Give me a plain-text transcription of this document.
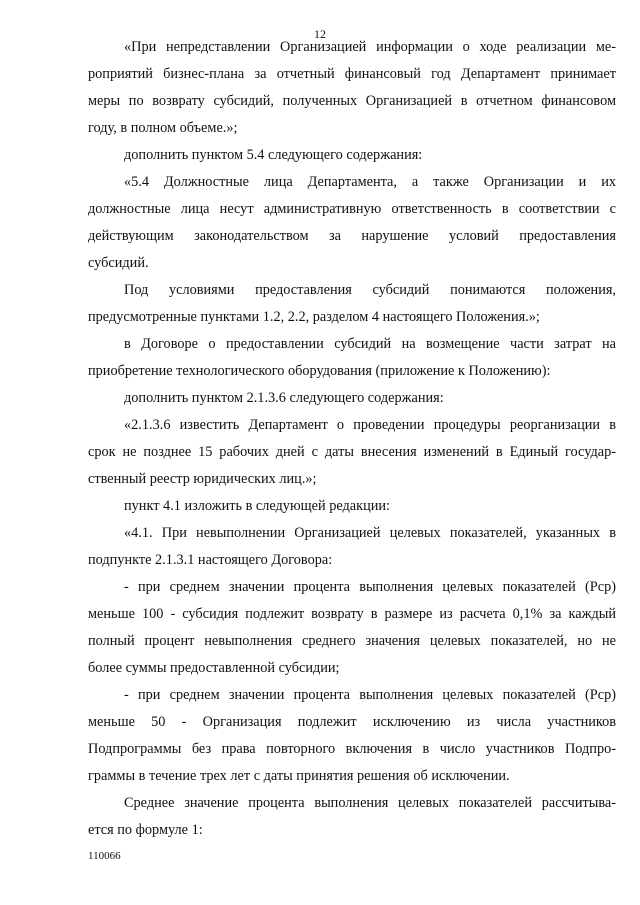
12
«При непредставлении Организацией информации о ходе реализации ме-
роприятий бизнес-плана за отчетный финансовый год Департамент принимает
меры по возврату субсидий, полученных Организацией в отчетном финансовом
году, в полном объеме.»;
дополнить пунктом 5.4 следующего содержания:
«5.4 Должностные лица Департамента, а также Организации и их
должностные лица несут административную ответственность в соответствии с
действующим законодательством за нарушение условий предоставления
субсидий.
Под условиями предоставления субсидий понимаются положения,
предусмотренные пунктами 1.2, 2.2, разделом 4 настоящего Положения.»;
в Договоре о предоставлении субсидий на возмещение части затрат на
приобретение технологического оборудования (приложение к Положению):
дополнить пунктом 2.1.3.6 следующего содержания:
«2.1.3.6 известить Департамент о проведении процедуры реорганизации в
срок не позднее 15 рабочих дней с даты внесения изменений в Единый государ-
ственный реестр юридических лиц.»;
пункт 4.1 изложить в следующей редакции:
«4.1. При невыполнении Организацией целевых показателей, указанных в
подпункте 2.1.3.1 настоящего Договора:
- при среднем значении процента выполнения целевых показателей (Рср)
меньше 100 - субсидия подлежит возврату в размере из расчета 0,1% за каждый
полный процент невыполнения среднего значения целевых показателей, но не
более суммы предоставленной субсидии;
- при среднем значении процента выполнения целевых показателей (Рср)
меньше 50 - Организация подлежит исключению из числа участников
Подпрограммы без права повторного включения в число участников Подпро-
граммы в течение трех лет с даты принятия решения об исключении.
Среднее значение процента выполнения целевых показателей рассчитыва-
ется по формуле 1:
110066
